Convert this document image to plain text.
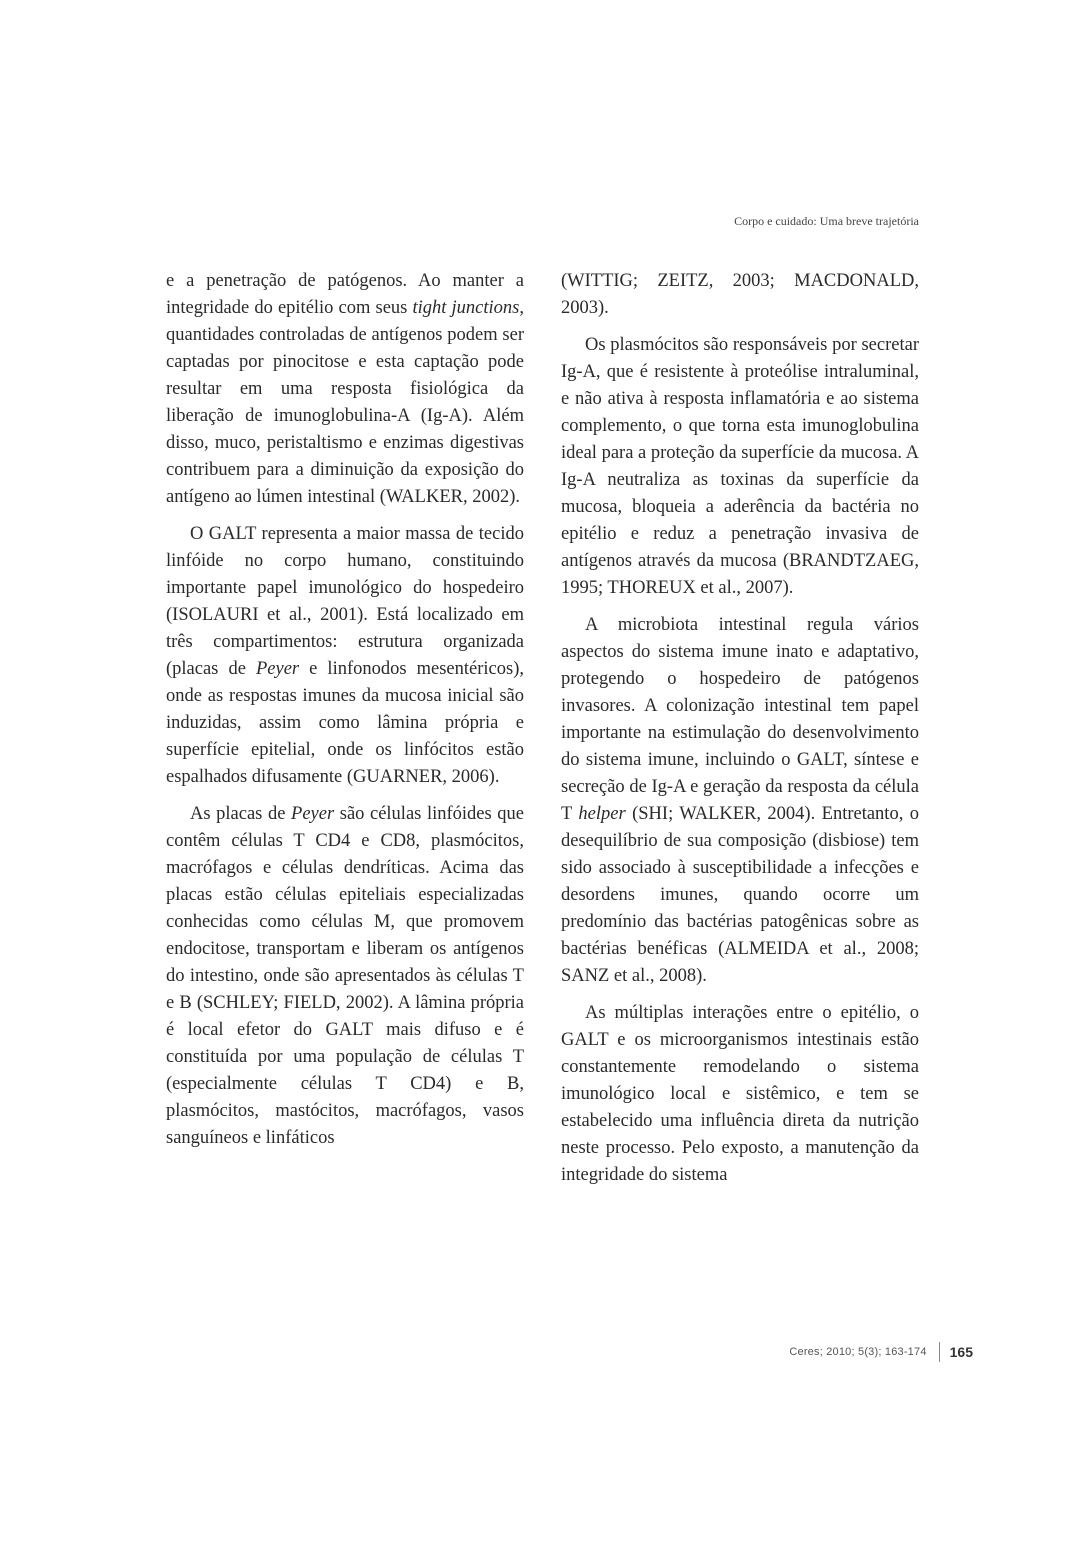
Corpo e cuidado: Uma breve trajetória

e a penetração de patógenos. Ao manter a integridade do epitélio com seus tight junctions, quantidades controladas de antígenos podem ser captadas por pinocitose e esta captação pode resultar em uma resposta fisiológica da liberação de imunoglobulina-A (Ig-A). Além disso, muco, peristaltismo e enzimas digestivas contribuem para a diminuição da exposição do antígeno ao lúmen intestinal (WALKER, 2002).

O GALT representa a maior massa de tecido linfóide no corpo humano, constituindo importante papel imunológico do hospedeiro (ISOLAURI et al., 2001). Está localizado em três compartimentos: estrutura organizada (placas de Peyer e linfonodos mesentéricos), onde as respostas imunes da mucosa inicial são induzidas, assim como lâmina própria e superfície epitelial, onde os linfócitos estão espalhados difusamente (GUARNER, 2006).

As placas de Peyer são células linfóides que contêm células T CD4 e CD8, plasmócitos, macrófagos e células dendríticas. Acima das placas estão células epiteliais especializadas conhecidas como células M, que promovem endocitose, transportam e liberam os antígenos do intestino, onde são apresentados às células T e B (SCHLEY; FIELD, 2002). A lâmina própria é local efetor do GALT mais difuso e é constituída por uma população de células T (especialmente células T CD4) e B, plasmócitos, mastócitos, macrófagos, vasos sanguíneos e linfáticos

(WITTIG; ZEITZ, 2003; MACDONALD, 2003).

Os plasmócitos são responsáveis por secretar Ig-A, que é resistente à proteólise intraluminal, e não ativa à resposta inflamatória e ao sistema complemento, o que torna esta imunoglobulina ideal para a proteção da superfície da mucosa. A Ig-A neutraliza as toxinas da superfície da mucosa, bloqueia a aderência da bactéria no epitélio e reduz a penetração invasiva de antígenos através da mucosa (BRANDTZAEG, 1995; THOREUX et al., 2007).

A microbiota intestinal regula vários aspectos do sistema imune inato e adaptativo, protegendo o hospedeiro de patógenos invasores. A colonização intestinal tem papel importante na estimulação do desenvolvimento do sistema imune, incluindo o GALT, síntese e secreção de Ig-A e geração da resposta da célula T helper (SHI; WALKER, 2004). Entretanto, o desequilíbrio de sua composição (disbiose) tem sido associado à susceptibilidade a infecções e desordens imunes, quando ocorre um predomínio das bactérias patogênicas sobre as bactérias benéficas (ALMEIDA et al., 2008; SANZ et al., 2008).

As múltiplas interações entre o epitélio, o GALT e os microorganismos intestinais estão constantemente remodelando o sistema imunológico local e sistêmico, e tem se estabelecido uma influência direta da nutrição neste processo. Pelo exposto, a manutenção da integridade do sistema

Ceres; 2010; 5(3); 163-174 165
